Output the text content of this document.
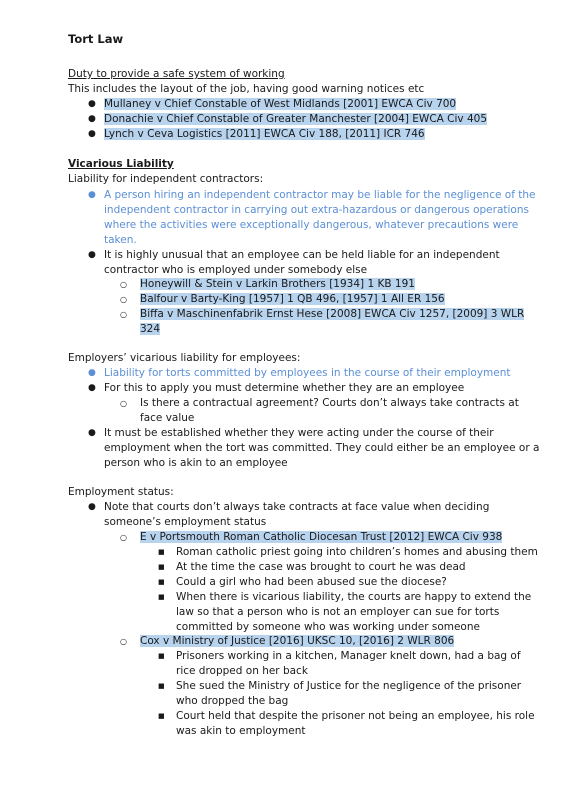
Tort Law
Duty to provide a safe system of working
This includes the layout of the job, having good warning notices etc
● Mullaney v Chief Constable of West Midlands [2001] EWCA Civ 700
● Donachie v Chief Constable of Greater Manchester [2004] EWCA Civ 405
● Lynch v Ceva Logistics [2011] EWCA Civ 188, [2011] ICR 746
Vicarious Liability
Liability for independent contractors:
● A person hiring an independent contractor may be liable for the negligence of the
independent contractor in carrying out extra-hazardous or dangerous operations
where the activities were exceptionally dangerous, whatever precautions were
taken.
● It is highly unusual that an employee can be held liable for an independent
contractor who is employed under somebody else
○ Honeywill & Stein v Larkin Brothers [1934] 1 KB 191
○ Balfour v Barty-King [1957] 1 QB 496, [1957] 1 All ER 156
○ Biffa v Maschinenfabrik Ernst Hese [2008] EWCA Civ 1257, [2009] 3 WLR
324
Employers’ vicarious liability for employees:
● Liability for torts committed by employees in the course of their employment
● For this to apply you must determine whether they are an employee
○ Is there a contractual agreement? Courts don’t always take contracts at
face value
● It must be established whether they were acting under the course of their
employment when the tort was committed. They could either be an employee or a
person who is akin to an employee
Employment status:
● Note that courts don’t always take contracts at face value when deciding
someone’s employment status
○ E v Portsmouth Roman Catholic Diocesan Trust [2012] EWCA Civ 938
■ Roman catholic priest going into children’s homes and abusing them
■ At the time the case was brought to court he was dead
■ Could a girl who had been abused sue the diocese?
■ When there is vicarious liability, the courts are happy to extend the
law so that a person who is not an employer can sue for torts
committed by someone who was working under someone
○ Cox v Ministry of Justice [2016] UKSC 10, [2016] 2 WLR 806
■ Prisoners working in a kitchen, Manager knelt down, had a bag of
rice dropped on her back
■ She sued the Ministry of Justice for the negligence of the prisoner
who dropped the bag
■ Court held that despite the prisoner not being an employee, his role
was akin to employment
